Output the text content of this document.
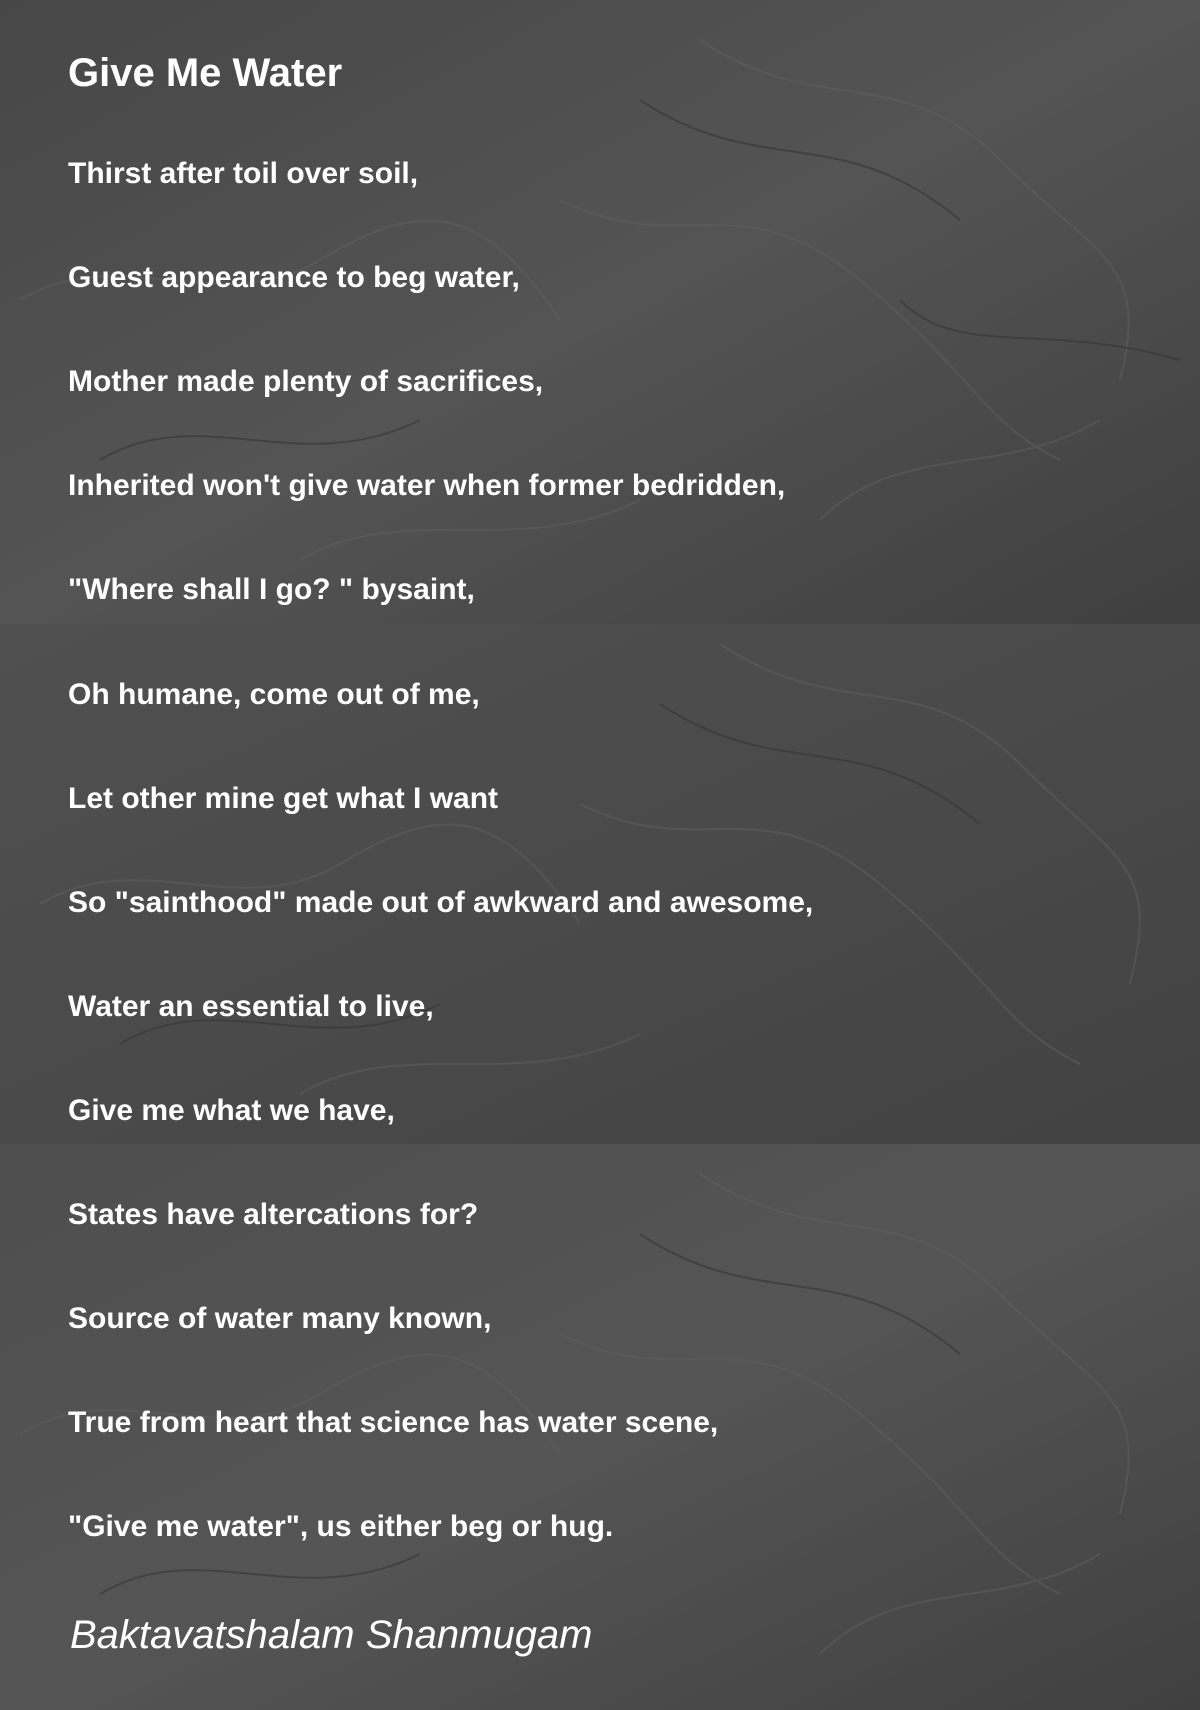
Give Me Water

Thirst after toil over soil,

Guest appearance to beg water,

Mother made plenty of sacrifices,

Inherited won't give water when former bedridden,

"Where shall I go? " bysaint,

Oh humane, come out of me,

Let other mine get what I want

So "sainthood" made out of awkward and awesome,

Water an essential to live,

Give me what we have,

States have altercations for?

Source of water many known,

True from heart that science has water scene,

"Give me water", us either beg or hug.

Baktavatshalam Shanmugam
